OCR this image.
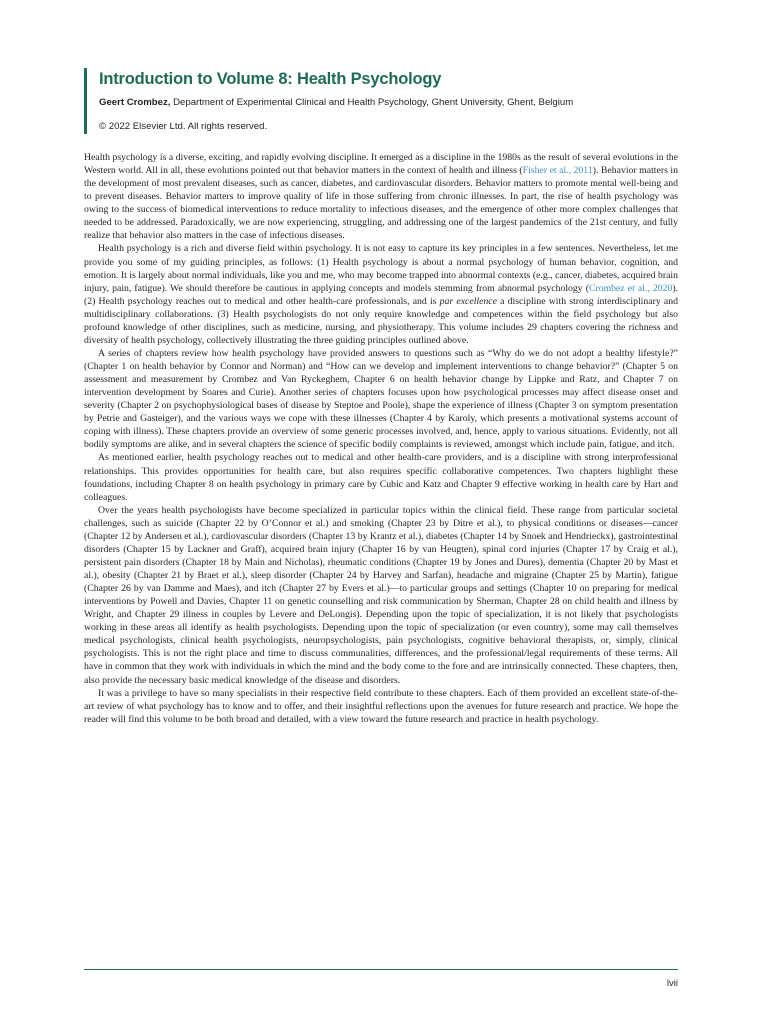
Introduction to Volume 8: Health Psychology
Geert Crombez, Department of Experimental Clinical and Health Psychology, Ghent University, Ghent, Belgium
© 2022 Elsevier Ltd. All rights reserved.

Health psychology is a diverse, exciting, and rapidly evolving discipline. It emerged as a discipline in the 1980s as the result of several evolutions in the Western world. All in all, these evolutions pointed out that behavior matters in the context of health and illness (Fisher et al., 2011). Behavior matters in the development of most prevalent diseases, such as cancer, diabetes, and cardiovascular disorders. Behavior matters to promote mental well-being and to prevent diseases. Behavior matters to improve quality of life in those suffering from chronic illnesses. In part, the rise of health psychology was owing to the success of biomedical interventions to reduce mortality to infectious diseases, and the emergence of other more complex challenges that needed to be addressed. Paradoxically, we are now experiencing, struggling, and addressing one of the largest pandemics of the 21st century, and fully realize that behavior also matters in the case of infectious diseases.

Health psychology is a rich and diverse field within psychology. It is not easy to capture its key principles in a few sentences. Nevertheless, let me provide you some of my guiding principles, as follows: (1) Health psychology is about a normal psychology of human behavior, cognition, and emotion. It is largely about normal individuals, like you and me, who may become trapped into abnormal contexts (e.g., cancer, diabetes, acquired brain injury, pain, fatigue). We should therefore be cautious in applying concepts and models stemming from abnormal psychology (Crombez et al., 2020). (2) Health psychology reaches out to medical and other health-care professionals, and is par excellence a discipline with strong interdisciplinary and multidisciplinary collaborations. (3) Health psychologists do not only require knowledge and competences within the field psychology but also profound knowledge of other disciplines, such as medicine, nursing, and physiotherapy. This volume includes 29 chapters covering the richness and diversity of health psychology, collectively illustrating the three guiding principles outlined above.

A series of chapters review how health psychology have provided answers to questions such as “Why do we do not adopt a healthy lifestyle?” (Chapter 1 on health behavior by Connor and Norman) and “How can we develop and implement interventions to change behavior?” (Chapter 5 on assessment and measurement by Crombez and Van Ryckeghem, Chapter 6 on health behavior change by Lippke and Ratz, and Chapter 7 on intervention development by Soares and Curie). Another series of chapters focuses upon how psychological processes may affect disease onset and severity (Chapter 2 on psychophysiological bases of disease by Steptoe and Poole), shape the experience of illness (Chapter 3 on symptom presentation by Petrie and Gasteiger), and the various ways we cope with these illnesses (Chapter 4 by Karoly, which presents a motivational systems account of coping with illness). These chapters provide an overview of some generic processes involved, and, hence, apply to various situations. Evidently, not all bodily symptoms are alike, and in several chapters the science of specific bodily complaints is reviewed, amongst which include pain, fatigue, and itch.

As mentioned earlier, health psychology reaches out to medical and other health-care providers, and is a discipline with strong interprofessional relationships. This provides opportunities for health care, but also requires specific collaborative competences. Two chapters highlight these foundations, including Chapter 8 on health psychology in primary care by Cubic and Katz and Chapter 9 effective working in health care by Hart and colleagues.

Over the years health psychologists have become specialized in particular topics within the clinical field. These range from particular societal challenges, such as suicide (Chapter 22 by O’Connor et al.) and smoking (Chapter 23 by Ditre et al.), to physical conditions or diseases—cancer (Chapter 12 by Andersen et al.), cardiovascular disorders (Chapter 13 by Krantz et al.), diabetes (Chapter 14 by Snoek and Hendrieckx), gastrointestinal disorders (Chapter 15 by Lackner and Graff), acquired brain injury (Chapter 16 by van Heugten), spinal cord injuries (Chapter 17 by Craig et al.), persistent pain disorders (Chapter 18 by Main and Nicholas), rheumatic conditions (Chapter 19 by Jones and Dures), dementia (Chapter 20 by Mast et al.), obesity (Chapter 21 by Braet et al.), sleep disorder (Chapter 24 by Harvey and Sarfan), headache and migraine (Chapter 25 by Martin), fatigue (Chapter 26 by van Damme and Maes), and itch (Chapter 27 by Evers et al.)—to particular groups and settings (Chapter 10 on preparing for medical interventions by Powell and Davies, Chapter 11 on genetic counselling and risk communication by Sherman, Chapter 28 on child health and illness by Wright, and Chapter 29 illness in couples by Levere and DeLongis). Depending upon the topic of specialization, it is not likely that psychologists working in these areas all identify as health psychologists. Depending upon the topic of specialization (or even country), some may call themselves medical psychologists, clinical health psychologists, neuropsychologists, pain psychologists, cognitive behavioral therapists, or, simply, clinical psychologists. This is not the right place and time to discuss communalities, differences, and the professional/legal requirements of these terms. All have in common that they work with individuals in which the mind and the body come to the fore and are intrinsically connected. These chapters, then, also provide the necessary basic medical knowledge of the disease and disorders.

It was a privilege to have so many specialists in their respective field contribute to these chapters. Each of them provided an excellent state-of-the-art review of what psychology has to know and to offer, and their insightful reflections upon the avenues for future research and practice. We hope the reader will find this volume to be both broad and detailed, with a view toward the future research and practice in health psychology.

lvii
